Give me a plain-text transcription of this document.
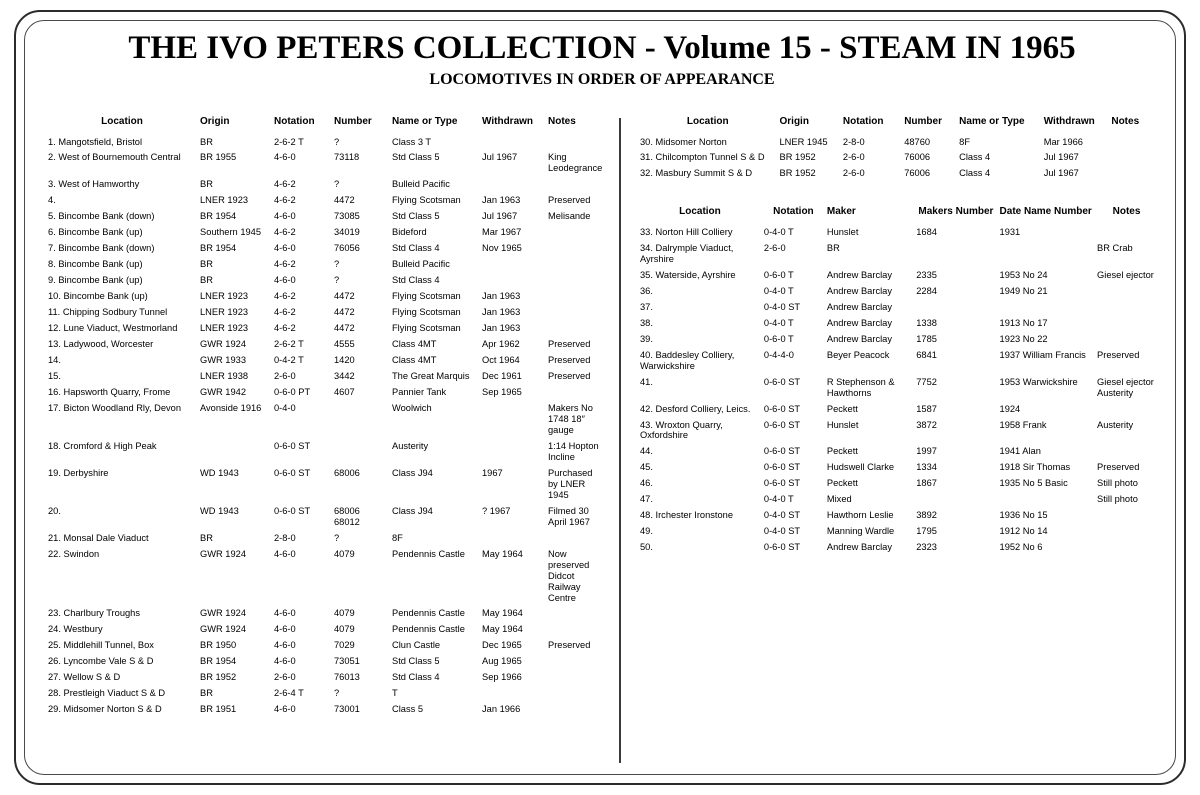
THE IVO PETERS COLLECTION - Volume 15 - STEAM IN 1965
LOCOMOTIVES IN ORDER OF APPEARANCE
Location	Origin	Notation	Number	Name or Type	Withdrawn	Notes
1. Mangotsfield, Bristol	BR	2-6-2 T	?	Class 3 T		
2. West of Bournemouth Central	BR 1955	4-6-0	73118	Std Class 5	Jul 1967	King Leodegrance
3. West of Hamworthy	BR	4-6-2	?	Bulleid Pacific		
4.	LNER 1923	4-6-2	4472	Flying Scotsman	Jan 1963	Preserved
5. Bincombe Bank (down)	BR 1954	4-6-0	73085	Std Class 5	Jul 1967	Melisande
6. Bincombe Bank (up)	Southern 1945	4-6-2	34019	Bideford	Mar 1967	
7. Bincombe Bank (down)	BR 1954	4-6-0	76056	Std Class 4	Nov 1965	
8. Bincombe Bank (up)	BR	4-6-2	?	Bulleid Pacific		
9. Bincombe Bank (up)	BR	4-6-0	?	Std Class 4		
10. Bincombe Bank (up)	LNER 1923	4-6-2	4472	Flying Scotsman	Jan 1963	
11. Chipping Sodbury Tunnel	LNER 1923	4-6-2	4472	Flying Scotsman	Jan 1963	
12. Lune Viaduct, Westmorland	LNER 1923	4-6-2	4472	Flying Scotsman	Jan 1963	
13. Ladywood, Worcester	GWR 1924	2-6-2 T	4555	Class 4MT	Apr 1962	Preserved
14.	GWR 1933	0-4-2 T	1420	Class 4MT	Oct 1964	Preserved
15.	LNER 1938	2-6-0	3442	The Great Marquis	Dec 1961	Preserved
16. Hapsworth Quarry, Frome	GWR 1942	0-6-0 PT	4607	Pannier Tank	Sep 1965	
17. Bicton Woodland Rly, Devon	Avonside 1916	0-4-0		Woolwich		Makers No 1748 18″ gauge
18. Cromford & High Peak		0-6-0 ST		Austerity		1:14 Hopton Incline
19. Derbyshire	WD 1943	0-6-0 ST	68006	Class J94	1967	Purchased by LNER 1945
20.	WD 1943	0-6-0 ST	68006 68012	Class J94	? 1967	Filmed 30 April 1967
21. Monsal Dale Viaduct	BR	2-8-0	?	8F		
22. Swindon	GWR 1924	4-6-0	4079	Pendennis Castle	May 1964	Now preserved Didcot Railway Centre
23. Charlbury Troughs	GWR 1924	4-6-0	4079	Pendennis Castle	May 1964	
24. Westbury	GWR 1924	4-6-0	4079	Pendennis Castle	May 1964	
25. Middlehill Tunnel, Box	BR 1950	4-6-0	7029	Clun Castle	Dec 1965	Preserved
26. Lyncombe Vale S & D	BR 1954	4-6-0	73051	Std Class 5	Aug 1965	
27. Wellow S & D	BR 1952	2-6-0	76013	Std Class 4	Sep 1966	
28. Prestleigh Viaduct S & D	BR	2-6-4 T	?	T		
29. Midsomer Norton S & D	BR 1951	4-6-0	73001	Class 5	Jan 1966	
Location	Origin	Notation	Number	Name or Type	Withdrawn	Notes
30. Midsomer Norton	LNER 1945	2-8-0	48760	8F	Mar 1966	
31. Chilcompton Tunnel S & D	BR 1952	2-6-0	76006	Class 4	Jul 1967	
32. Masbury Summit S & D	BR 1952	2-6-0	76006	Class 4	Jul 1967	
Location	Notation	Maker	Makers Number	Date Name Number	Notes
33. Norton Hill Colliery	0-4-0 T	Hunslet	1684	1931	
34. Dalrymple Viaduct, Ayrshire	2-6-0	BR			BR Crab
35. Waterside, Ayrshire	0-6-0 T	Andrew Barclay	2335	1953 No 24	Giesel ejector
36.	0-4-0 T	Andrew Barclay	2284	1949 No 21	
37.	0-4-0 ST	Andrew Barclay			
38.	0-4-0 T	Andrew Barclay	1338	1913 No 17	
39.	0-6-0 T	Andrew Barclay	1785	1923 No 22	
40. Baddesley Colliery, Warwickshire	0-4-4-0	Beyer Peacock	6841	1937 William Francis	Preserved
41.	0-6-0 ST	R Stephenson & Hawthorns	7752	1953 Warwickshire	Giesel ejector Austerity
42. Desford Colliery, Leics.	0-6-0 ST	Peckett	1587	1924	
43. Wroxton Quarry, Oxfordshire	0-6-0 ST	Hunslet	3872	1958 Frank	Austerity
44.	0-6-0 ST	Peckett	1997	1941 Alan	
45.	0-6-0 ST	Hudswell Clarke	1334	1918 Sir Thomas	Preserved
46.	0-6-0 ST	Peckett	1867	1935 No 5 Basic	Still photo
47.	0-4-0 T	Mixed			Still photo
48. Irchester Ironstone	0-4-0 ST	Hawthorn Leslie	3892	1936 No 15	
49.	0-4-0 ST	Manning Wardle	1795	1912 No 14	
50.	0-6-0 ST	Andrew Barclay	2323	1952 No 6	
